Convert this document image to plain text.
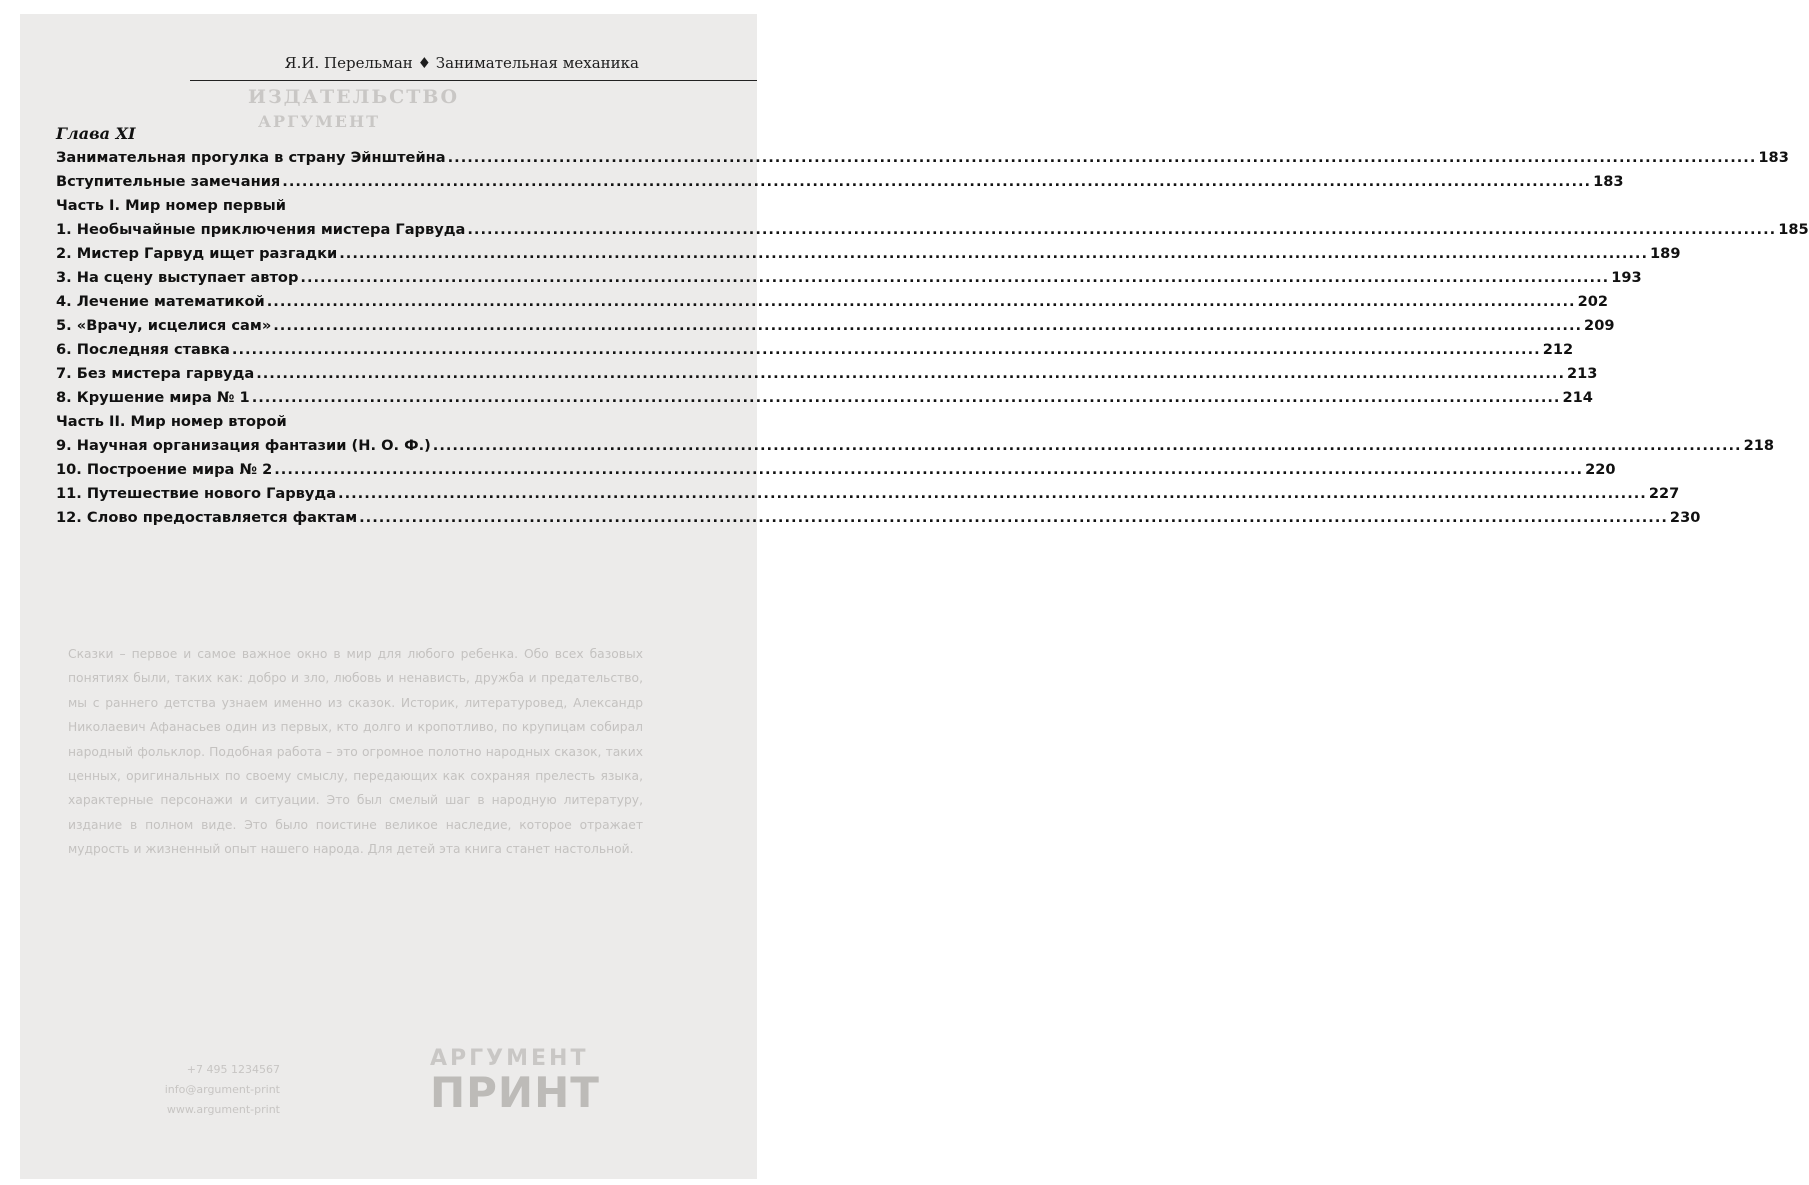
ИЗДАТЕЛЬСТВО
АРГУМЕНТ
Я.И. Перельман ♦ Занимательная механика
Глава XI
Занимательная прогулка в страну Эйнштейна ........................................................................................................................................................................................................ 183
Вступительные замечания ........................................................................................................................................................................................................ 183
Часть I. Мир номер первый
1. Необычайные приключения мистера Гарвуда ........................................................................................................................................................................................................ 185
2. Мистер Гарвуд ищет разгадки ........................................................................................................................................................................................................ 189
3. На сцену выступает автор ........................................................................................................................................................................................................ 193
4. Лечение математикой ........................................................................................................................................................................................................ 202
5. «Врачу, исцелися сам» ........................................................................................................................................................................................................ 209
6. Последняя ставка ........................................................................................................................................................................................................ 212
7. Без мистера гарвуда ........................................................................................................................................................................................................ 213
8. Крушение мира № 1 ........................................................................................................................................................................................................ 214
Часть II. Мир номер второй
9. Научная организация фантазии (Н. О. Ф.) ........................................................................................................................................................................................................ 218
10. Построение мира № 2 ........................................................................................................................................................................................................ 220
11. Путешествие нового Гарвуда ........................................................................................................................................................................................................ 227
12. Слово предоставляется фактам ........................................................................................................................................................................................................ 230

Сказки – первое и самое важное окно в мир для любого ребенка. Обо всех базовых понятиях были, таких как: добро и зло, любовь и ненависть, дружба и предательство, мы с раннего детства узнаем именно из сказок. Историк, литературовед, Александр Николаевич Афанасьев один из первых, кто долго и кропотливо, по крупицам собирал народный фольклор. Подобная работа – это огромное полотно народных сказок, таких ценных, оригинальных по своему смыслу, передающих как сохраняя прелесть языка, характерные персонажи и ситуации. Это был смелый шаг в народную литературу, издание в полном виде. Это было поистине великое наследие, которое отражает мудрость и жизненный опыт нашего народа. Для детей эта книга станет настольной.

АРГУМЕНТ
ПРИНТ
+7 495 1234567
info@argument-print
www.argument-print
